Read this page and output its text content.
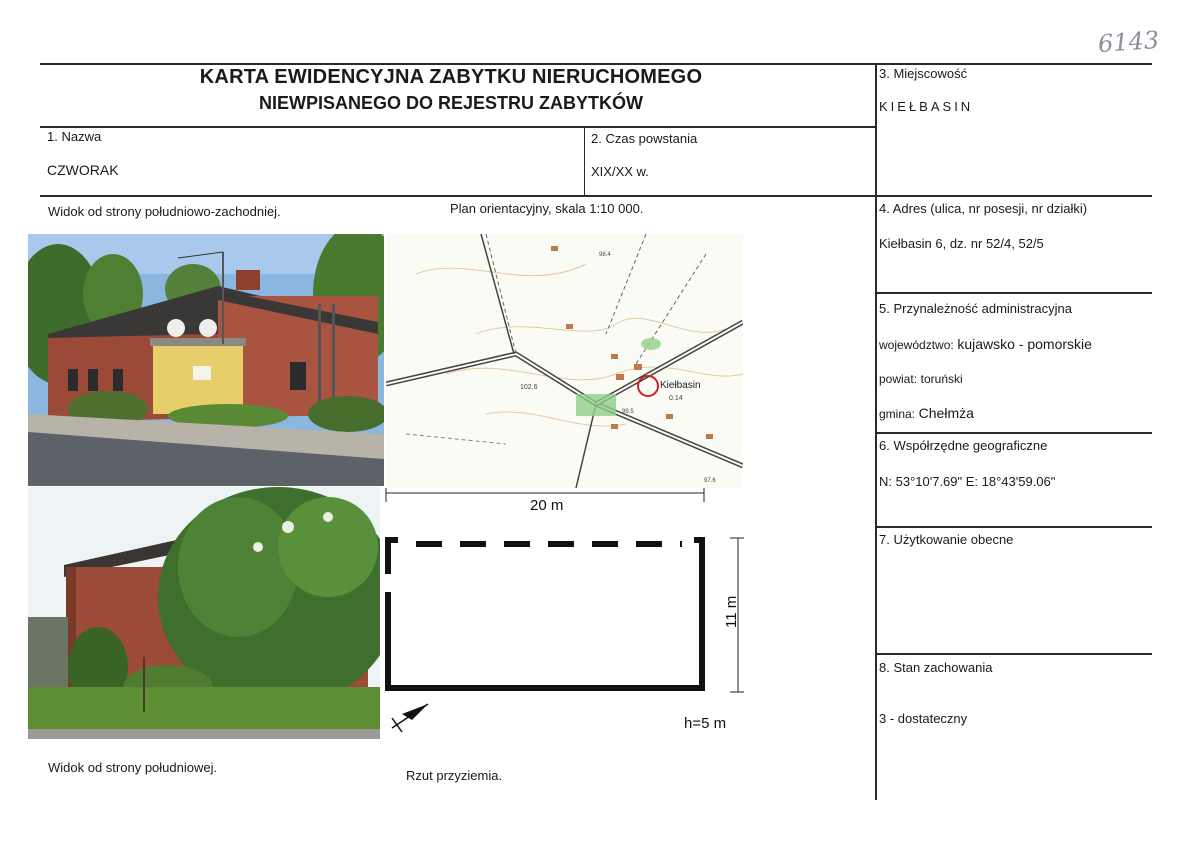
6143
KARTA EWIDENCYJNA ZABYTKU NIERUCHOMEGO
NIEWPISANEGO DO REJESTRU ZABYTKÓW
1. Nazwa
CZWORAK
2. Czas powstania
XIX/XX w.
3. Miejscowość
KIEŁBASIN
4. Adres (ulica, nr posesji, nr działki)
Kiełbasin 6, dz. nr 52/4, 52/5
5. Przynależność administracyjna
województwo: kujawsko - pomorskie
powiat: toruński
gmina: Chełmża
6. Współrzędne geograficzne
N: 53°10'7.69" E: 18°43'59.06"
7. Użytkowanie obecne
8. Stan zachowania
3 - dostateczny
Widok od strony południowo-zachodniej.	Plan orientacyjny, skala 1:10 000.
Widok od strony południowej.
Rzut przyziemia.
Kiełbasin
98.4
102.6
99.5
0.14
97.6
20 m
11 m
h=5 m
